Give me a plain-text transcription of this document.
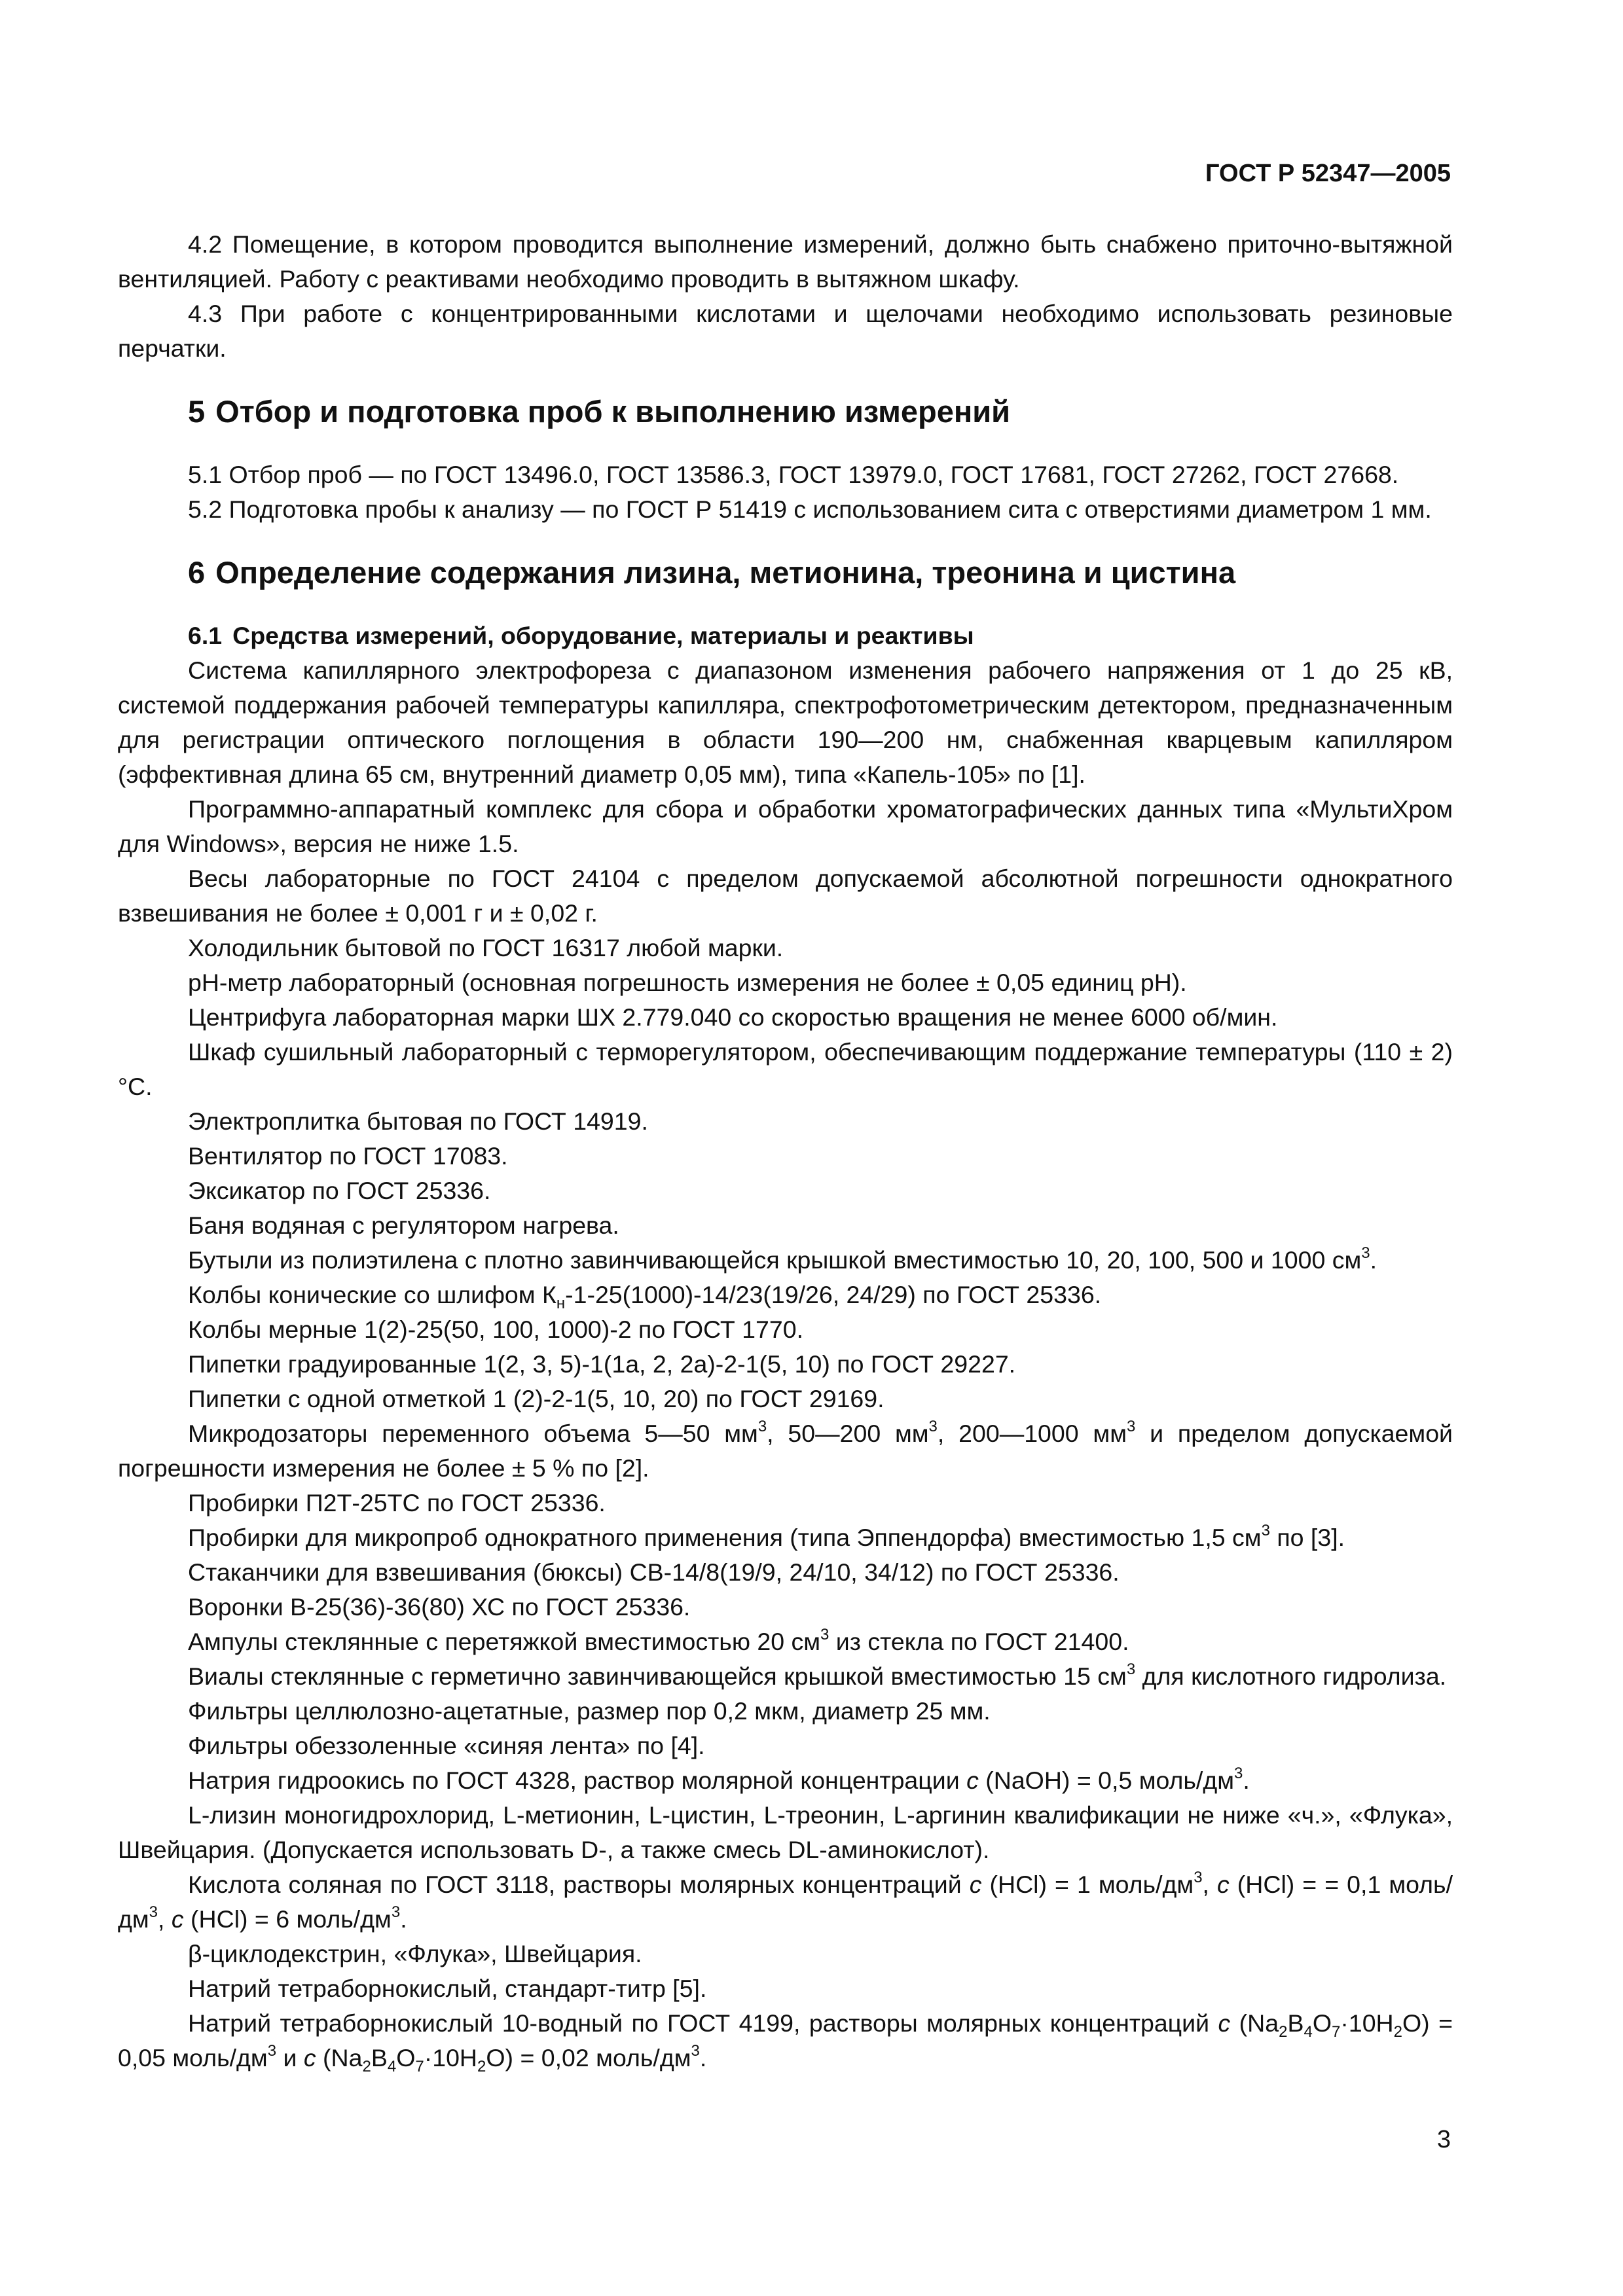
ГОСТ Р 52347—2005

4.2 Помещение, в котором проводится выполнение измерений, должно быть снабжено приточно-вытяжной вентиляцией. Работу с реактивами необходимо проводить в вытяжном шкафу.

4.3 При работе с концентрированными кислотами и щелочами необходимо использовать резиновые перчатки.

5 Отбор и подготовка проб к выполнению измерений

5.1 Отбор проб — по ГОСТ 13496.0, ГОСТ 13586.3, ГОСТ 13979.0, ГОСТ 17681, ГОСТ 27262, ГОСТ 27668.

5.2 Подготовка пробы к анализу — по ГОСТ Р 51419 с использованием сита с отверстиями диаметром 1 мм.

6 Определение содержания лизина, метионина, треонина и цистина

6.1 Средства измерений, оборудование, материалы и реактивы

Система капиллярного электрофореза с диапазоном изменения рабочего напряжения от 1 до 25 кВ, системой поддержания рабочей температуры капилляра, спектрофотометрическим детектором, предназначенным для регистрации оптического поглощения в области 190—200 нм, снабженная кварцевым капилляром (эффективная длина 65 см, внутренний диаметр 0,05 мм), типа «Капель-105» по [1].

Программно-аппаратный комплекс для сбора и обработки хроматографических данных типа «МультиХром для Windows», версия не ниже 1.5.

Весы лабораторные по ГОСТ 24104 с пределом допускаемой абсолютной погрешности однократного взвешивания не более ± 0,001 г и ± 0,02 г.

Холодильник бытовой по ГОСТ 16317 любой марки.

рН-метр лабораторный (основная погрешность измерения не более ± 0,05 единиц рН).

Центрифуга лабораторная марки ШХ 2.779.040 со скоростью вращения не менее 6000 об/мин.

Шкаф сушильный лабораторный с терморегулятором, обеспечивающим поддержание температуры (110 ± 2) °С.

Электроплитка бытовая по ГОСТ 14919.

Вентилятор по ГОСТ 17083.

Эксикатор по ГОСТ 25336.

Баня водяная с регулятором нагрева.

Бутыли из полиэтилена с плотно завинчивающейся крышкой вместимостью 10, 20, 100, 500 и 1000 $см^3$.

Колбы конические со шлифом $К_н-1-25(1000)-14/23(19/26$, 24/29) по ГОСТ 25336.

Колбы мерные 1(2)-25(50, 100, 1000)-2 по ГОСТ 1770.

Пипетки градуированные 1(2, 3, 5)-1(1а, 2, 2а)-2-1(5, 10) по ГОСТ 29227.

Пипетки с одной отметкой 1 (2)-2-1(5, 10, 20) по ГОСТ 29169.

Микродозаторы переменного объема 5—50 $мм^3$, 50—200 $мм^3$, 200—1000 $мм^3$ и пределом допускаемой погрешности измерения не более ± 5 % по [2].

Пробирки П2Т-25ТС по ГОСТ 25336.

Пробирки для микропроб однократного применения (типа Эппендорфа) вместимостью 1,5 $см^3$ по [3].

Стаканчики для взвешивания (бюксы) СВ-14/8(19/9, 24/10, 34/12) по ГОСТ 25336.

Воронки В-25(36)-36(80) ХС по ГОСТ 25336.

Ампулы стеклянные с перетяжкой вместимостью 20 $см^3$ из стекла по ГОСТ 21400.

Виалы стеклянные с герметично завинчивающейся крышкой вместимостью 15 $см^3$ для кислотного гидролиза.

Фильтры целлюлозно-ацетатные, размер пор 0,2 мкм, диаметр 25 мм.

Фильтры обеззоленные «синяя лента» по [4].

Натрия гидроокись по ГОСТ 4328, раствор молярной концентрации с (NaOH) = 0,5 моль/$дм^3$.

L-лизин моногидрохлорид, L-метионин, L-цистин, L-треонин, L-аргинин квалификации не ниже «ч.», «Флука», Швейцария. (Допускается использовать D-, а также смесь DL-аминокислот).

Кислота соляная по ГОСТ 3118, растворы молярных концентраций с (HCl) = 1 моль/$дм^3$, с (HCl) = = 0,1 моль/$дм^3$, с (HCl) = 6 моль/$дм^3$.

β-циклодекстрин, «Флука», Швейцария.

Натрий тетраборнокислый, стандарт-титр [5].

Натрий тетраборнокислый 10-водный по ГОСТ 4199, растворы молярных концентраций с $(Na_2B_4O_7\cdot 10H_2O) = 0,05$ моль/$дм^3$ и с $(Na_2B_4O_7\cdot 10H_2O) = 0,02$ моль/$дм^3$.

3
